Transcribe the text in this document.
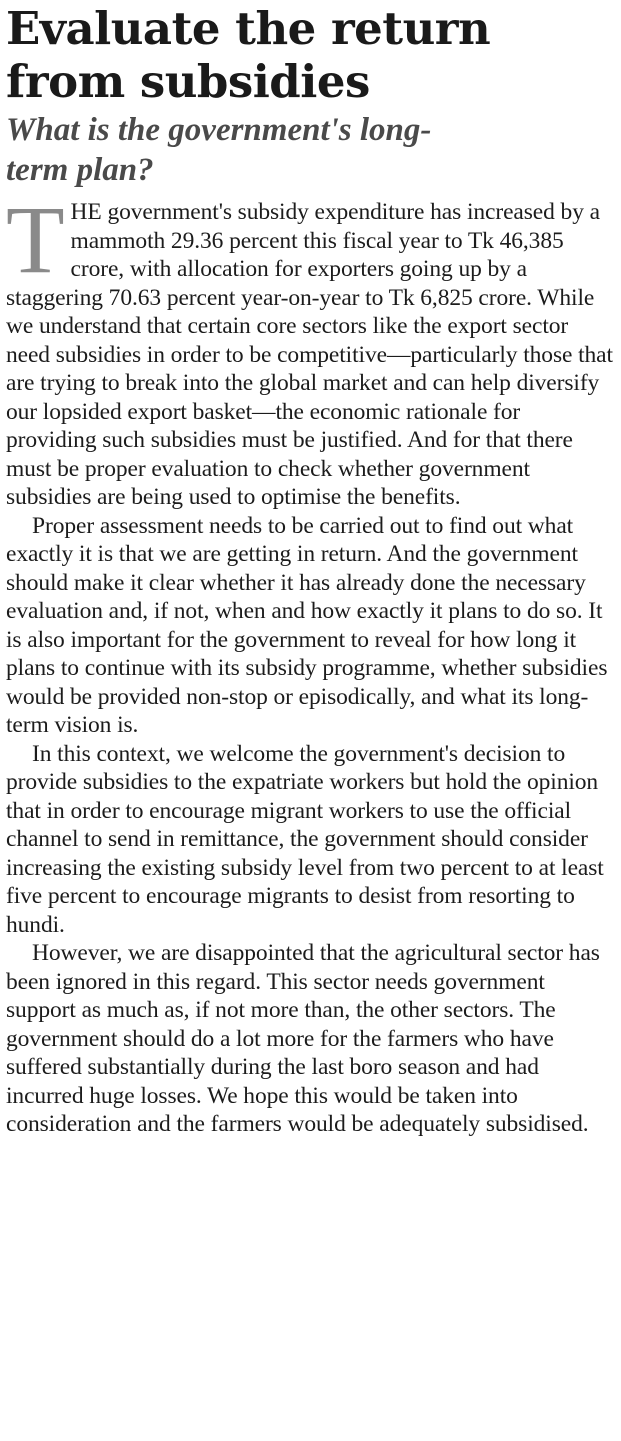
Evaluate the return from subsidies
What is the government's long-term plan?

THE government's subsidy expenditure has increased by a mammoth 29.36 percent this fiscal year to Tk 46,385 crore, with allocation for exporters going up by a staggering 70.63 percent year-on-year to Tk 6,825 crore. While we understand that certain core sectors like the export sector need subsidies in order to be competitive—particularly those that are trying to break into the global market and can help diversify our lopsided export basket—the economic rationale for providing such subsidies must be justified. And for that there must be proper evaluation to check whether government subsidies are being used to optimise the benefits.

Proper assessment needs to be carried out to find out what exactly it is that we are getting in return. And the government should make it clear whether it has already done the necessary evaluation and, if not, when and how exactly it plans to do so. It is also important for the government to reveal for how long it plans to continue with its subsidy programme, whether subsidies would be provided non-stop or episodically, and what its long-term vision is.

In this context, we welcome the government's decision to provide subsidies to the expatriate workers but hold the opinion that in order to encourage migrant workers to use the official channel to send in remittance, the government should consider increasing the existing subsidy level from two percent to at least five percent to encourage migrants to desist from resorting to hundi.

However, we are disappointed that the agricultural sector has been ignored in this regard. This sector needs government support as much as, if not more than, the other sectors. The government should do a lot more for the farmers who have suffered substantially during the last boro season and had incurred huge losses. We hope this would be taken into consideration and the farmers would be adequately subsidised.
